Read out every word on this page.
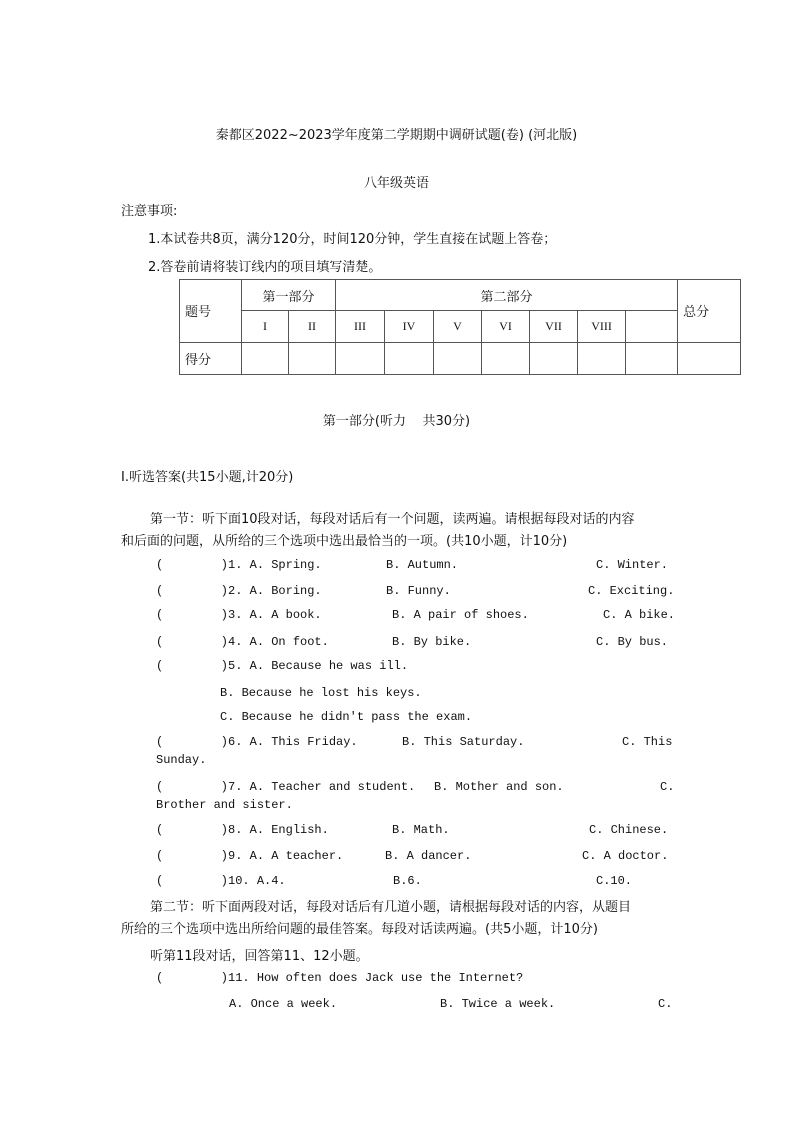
秦都区2022~2023学年度第二学期期中调研试题(卷) (河北版)
八年级英语
注意事项:
1.本试卷共8页，满分120分，时间120分钟，学生直接在试题上答卷；
2.答卷前请将装订线内的项目填写清楚。
题号	第一部分		第二部分							总分
	I	II	III	IV	V	VI	VII	VIII		
得分										
第一部分(听力    共30分)
Ⅰ.听选答案(共15小题,计20分)
第一节：听下面10段对话，每段对话后有一个问题，读两遍。请根据每段对话的内容
和后面的问题，从所给的三个选项中选出最恰当的一项。(共10小题，计10分)
(        )1. A. Spring.	B. Autumn.	C. Winter.
(        )2. A. Boring.	B. Funny.	C. Exciting.
(        )3. A. A book.	B. A pair of shoes.	C. A bike.
(        )4. A. On foot.	B. By bike.	C. By bus.
(        )5. A. Because he was ill.
B. Because he lost his keys.
C. Because he didn't pass the exam.
(        )6. A. This Friday.	B. This Saturday.	C. This
Sunday.
(        )7. A. Teacher and student. B. Mother and son.	C.
Brother and sister.
(        )8. A. English.	B. Math.	C. Chinese.
(        )9. A. A teacher.	B. A dancer.	C. A doctor.
(        )10. A.4.	B.6.	C.10.
第二节：听下面两段对话，每段对话后有几道小题，请根据每段对话的内容，从题目
所给的三个选项中选出所给问题的最佳答案。每段对话读两遍。(共5小题，计10分)
听第11段对话，回答第11、12小题。
(        )11. How often does Jack use the Internet?
A. Once a week.	B. Twice a week.	C.
